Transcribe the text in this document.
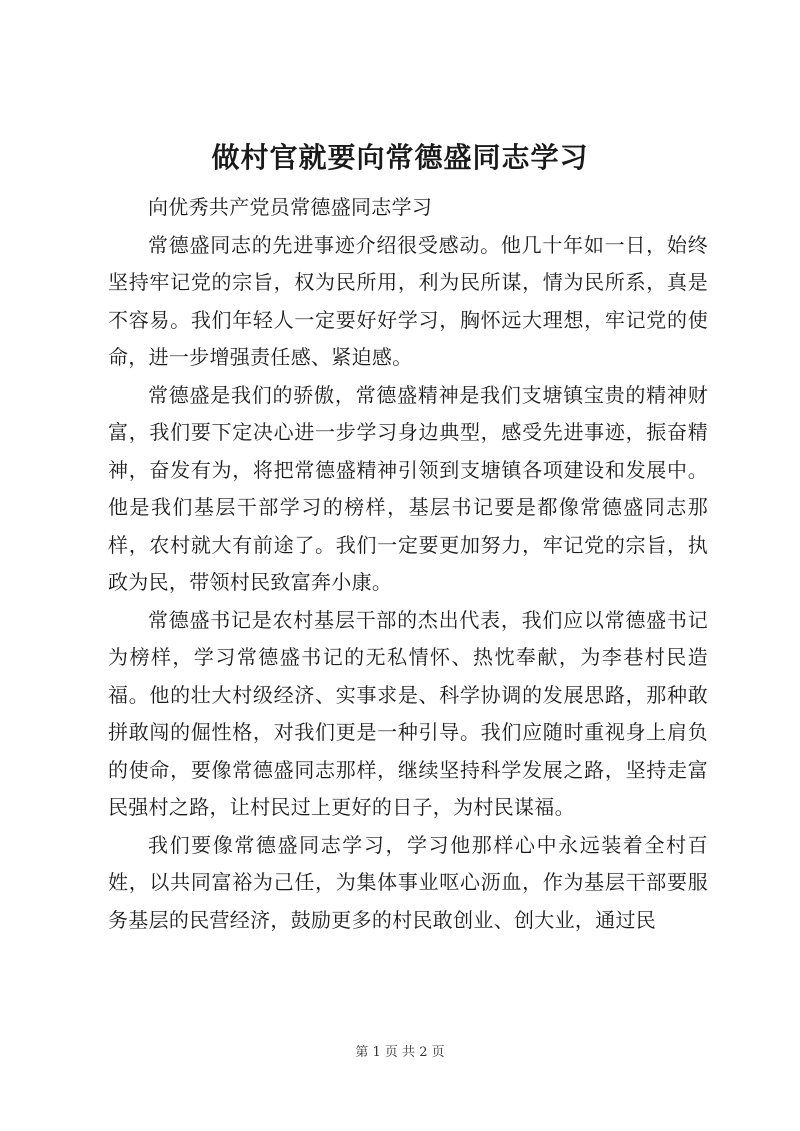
做村官就要向常德盛同志学习

向优秀共产党员常德盛同志学习

常德盛同志的先进事迹介绍很受感动。他几十年如一日，始终坚持牢记党的宗旨，权为民所用，利为民所谋，情为民所系，真是不容易。我们年轻人一定要好好学习，胸怀远大理想，牢记党的使命，进一步增强责任感、紧迫感。

常德盛是我们的骄傲，常德盛精神是我们支塘镇宝贵的精神财富，我们要下定决心进一步学习身边典型，感受先进事迹，振奋精神，奋发有为，将把常德盛精神引领到支塘镇各项建设和发展中。他是我们基层干部学习的榜样，基层书记要是都像常德盛同志那样，农村就大有前途了。我们一定要更加努力，牢记党的宗旨，执政为民，带领村民致富奔小康。

常德盛书记是农村基层干部的杰出代表，我们应以常德盛书记为榜样，学习常德盛书记的无私情怀、热忱奉献，为李巷村民造福。他的壮大村级经济、实事求是、科学协调的发展思路，那种敢拼敢闯的倔性格，对我们更是一种引导。我们应随时重视身上肩负的使命，要像常德盛同志那样，继续坚持科学发展之路，坚持走富民强村之路，让村民过上更好的日子，为村民谋福。

我们要像常德盛同志学习，学习他那样心中永远装着全村百姓，以共同富裕为己任，为集体事业呕心沥血，作为基层干部要服务基层的民营经济，鼓励更多的村民敢创业、创大业，通过民

第 1 页 共 2 页
